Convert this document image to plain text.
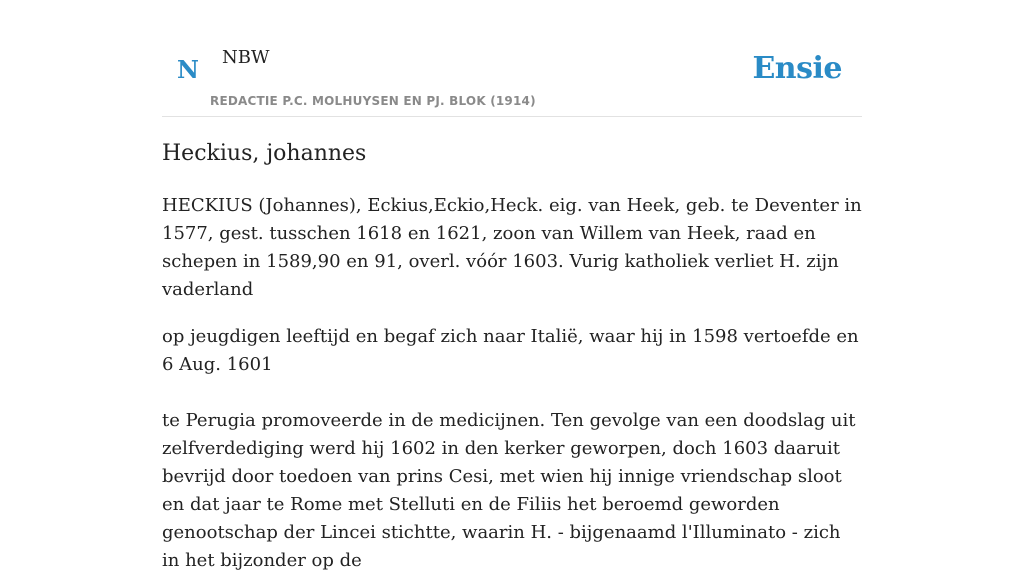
N NBW
REDACTIE P.C. MOLHUYSEN EN PJ. BLOK (1914)
Ensie
Heckius, johannes

HECKIUS (Johannes), Eckius,Eckio,Heck. eig. van Heek, geb. te Deventer in 1577, gest. tusschen 1618 en 1621, zoon van Willem van Heek, raad en schepen in 1589,90 en 91, overl. vóór 1603. Vurig katholiek verliet H. zijn vaderland

op jeugdigen leeftijd en begaf zich naar Italië, waar hij in 1598 vertoefde en 6 Aug. 1601

te Perugia promoveerde in de medicijnen. Ten gevolge van een doodslag uit zelfverdediging werd hij 1602 in den kerker geworpen, doch 1603 daaruit bevrijd door toedoen van prins Cesi, met wien hij innige vriendschap sloot en dat jaar te Rome met Stelluti en de Filiis het beroemd geworden genootschap der Lincei stichtte, waarin H. - bijgenaamd l'Illuminato - zich in het bijzonder op de
